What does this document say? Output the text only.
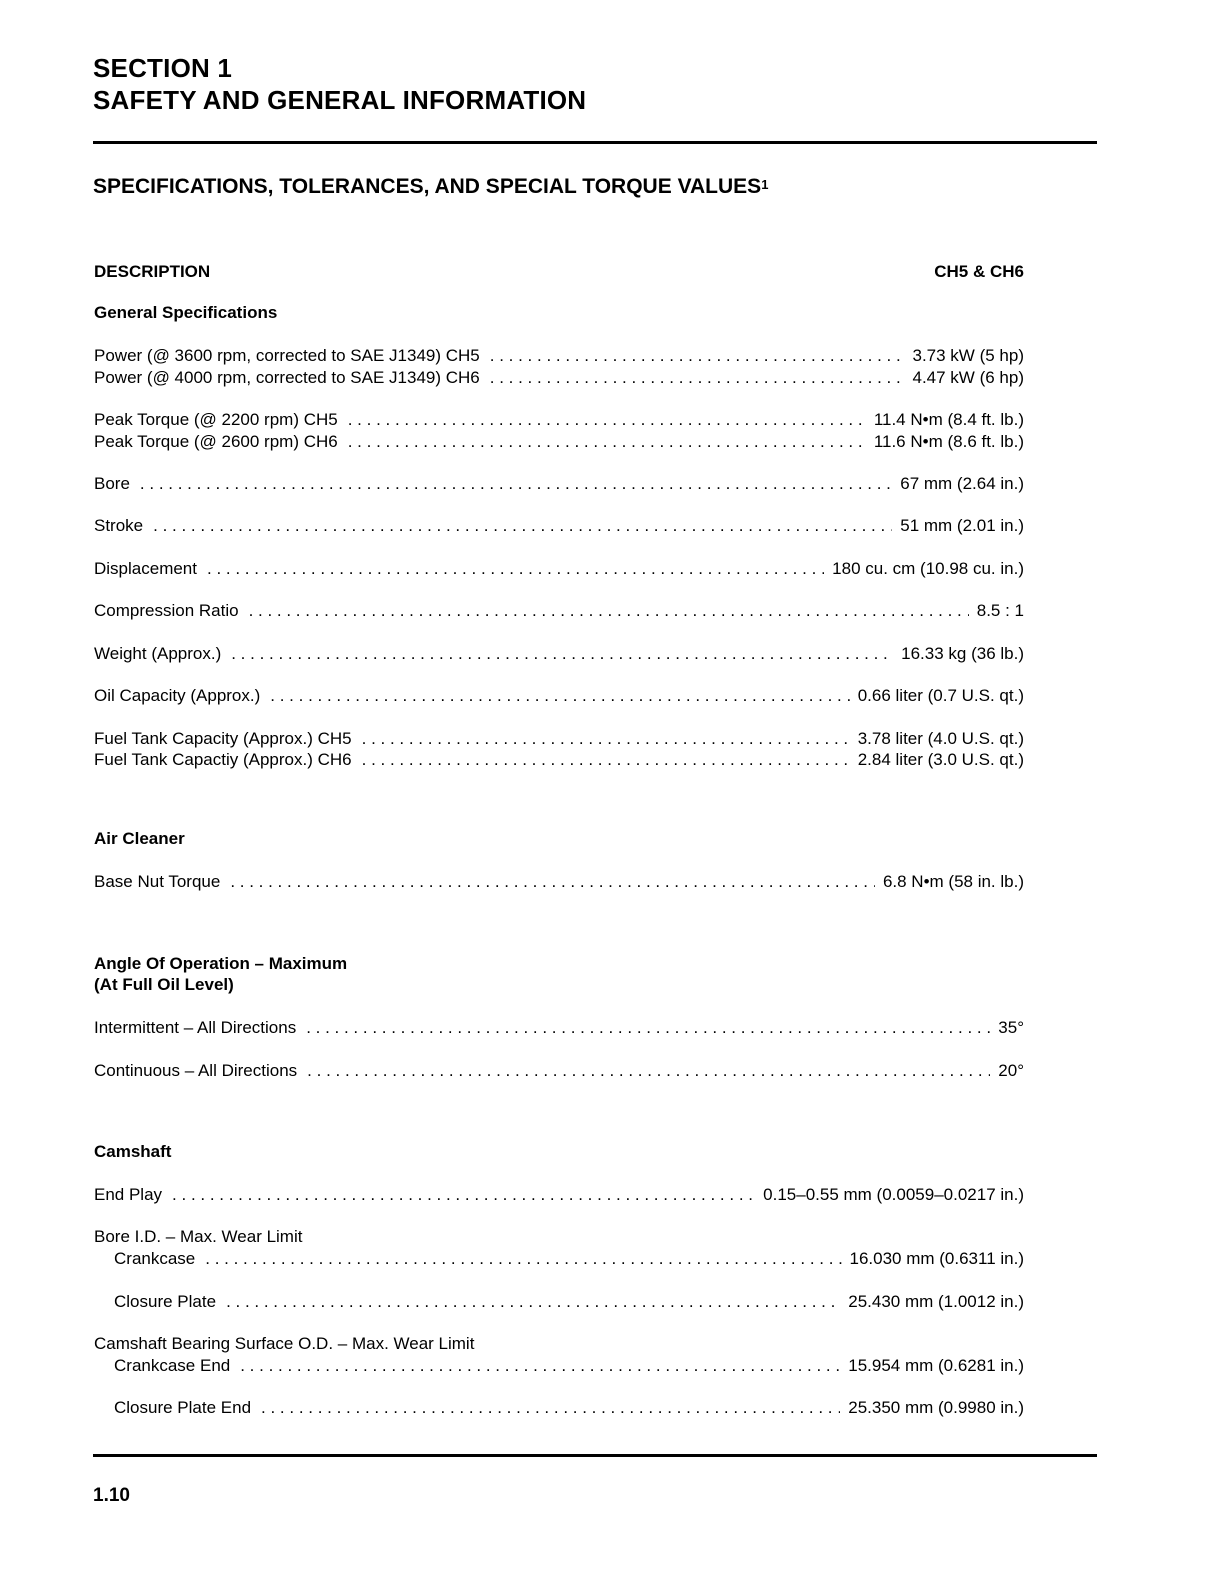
SECTION 1
SAFETY AND GENERAL INFORMATION
SPECIFICATIONS, TOLERANCES, AND SPECIAL TORQUE VALUES$^1$
DESCRIPTION	CH5 & CH6
General Specifications
Power (@ 3600 rpm, corrected to SAE J1349) CH5 . . .	3.73 kW (5 hp)
Power (@ 4000 rpm, corrected to SAE J1349) CH6 . . .	4.47 kW (6 hp)
Peak Torque (@ 2200 rpm) CH5 . . .	11.4 N•m (8.4 ft. lb.)
Peak Torque (@ 2600 rpm) CH6 . . .	11.6 N•m (8.6 ft. lb.)
Bore . . .	67 mm (2.64 in.)
Stroke . . .	51 mm (2.01 in.)
Displacement . . .	180 cu. cm (10.98 cu. in.)
Compression Ratio . . .	8.5 : 1
Weight (Approx.) . . .	16.33 kg (36 lb.)
Oil Capacity (Approx.) . . .	0.66 liter (0.7 U.S. qt.)
Fuel Tank Capacity (Approx.) CH5 . . .	3.78 liter (4.0 U.S. qt.)
Fuel Tank Capactiy (Approx.) CH6 . . .	2.84 liter (3.0 U.S. qt.)
Air Cleaner
Base Nut Torque . . .	6.8 N•m (58 in. lb.)
Angle Of Operation – Maximum
(At Full Oil Level)
Intermittent – All Directions . . .	35°
Continuous – All Directions . . .	20°
Camshaft
End Play . . .	0.15–0.55 mm (0.0059–0.0217 in.)
Bore I.D. – Max. Wear Limit
Crankcase . . .	16.030 mm (0.6311 in.)
Closure Plate . . .	25.430 mm (1.0012 in.)
Camshaft Bearing Surface O.D. – Max. Wear Limit
Crankcase End . . .	15.954 mm (0.6281 in.)
Closure Plate End . . .	25.350 mm (0.9980 in.)
1.10
